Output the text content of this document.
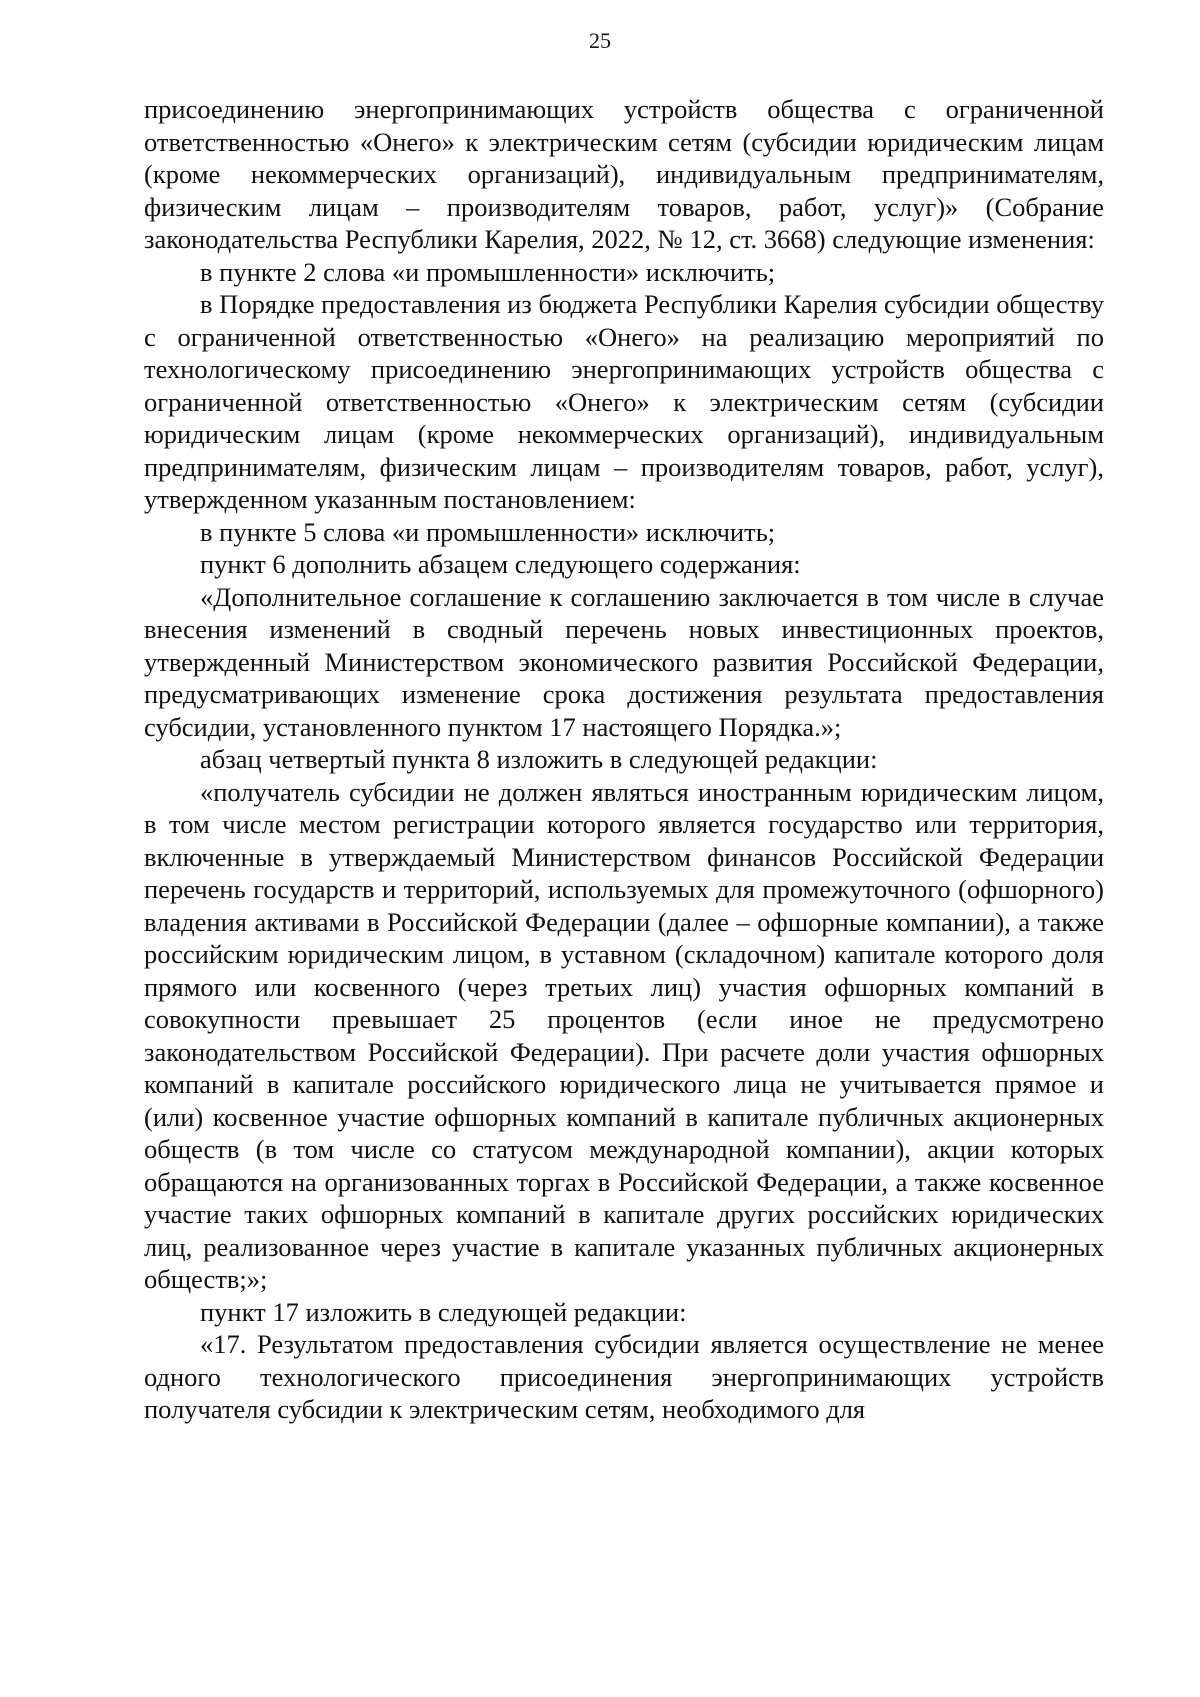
25

присоединению энергопринимающих устройств общества с ограниченной ответственностью «Онего» к электрическим сетям (субсидии юридическим лицам (кроме некоммерческих организаций), индивидуальным предпринимателям, физическим лицам – производителям товаров, работ, услуг)» (Собрание законодательства Республики Карелия, 2022, № 12, ст. 3668) следующие изменения:

в пункте 2 слова «и промышленности» исключить;

в Порядке предоставления из бюджета Республики Карелия субсидии обществу с ограниченной ответственностью «Онего» на реализацию мероприятий по технологическому присоединению энергопринимающих устройств общества с ограниченной ответственностью «Онего» к электрическим сетям (субсидии юридическим лицам (кроме некоммерческих организаций), индивидуальным предпринимателям, физическим лицам – производителям товаров, работ, услуг), утвержденном указанным постановлением:

в пункте 5 слова «и промышленности» исключить;

пункт 6 дополнить абзацем следующего содержания:

«Дополнительное соглашение к соглашению заключается в том числе в случае внесения изменений в сводный перечень новых инвестиционных проектов, утвержденный Министерством экономического развития Российской Федерации, предусматривающих изменение срока достижения результата предоставления субсидии, установленного пунктом 17 настоящего Порядка.»;

абзац четвертый пункта 8 изложить в следующей редакции:

«получатель субсидии не должен являться иностранным юридическим лицом, в том числе местом регистрации которого является государство или территория, включенные в утверждаемый Министерством финансов Российской Федерации перечень государств и территорий, используемых для промежуточного (офшорного) владения активами в Российской Федерации (далее – офшорные компании), а также российским юридическим лицом, в уставном (складочном) капитале которого доля прямого или косвенного (через третьих лиц) участия офшорных компаний в совокупности превышает 25 процентов (если иное не предусмотрено законодательством Российской Федерации). При расчете доли участия офшорных компаний в капитале российского юридического лица не учитывается прямое и (или) косвенное участие офшорных компаний в капитале публичных акционерных обществ (в том числе со статусом международной компании), акции которых обращаются на организованных торгах в Российской Федерации, а также косвенное участие таких офшорных компаний в капитале других российских юридических лиц, реализованное через участие в капитале указанных публичных акционерных обществ;»;

пункт 17 изложить в следующей редакции:

«17. Результатом предоставления субсидии является осуществление не менее одного технологического присоединения энергопринимающих устройств получателя субсидии к электрическим сетям, необходимого для
